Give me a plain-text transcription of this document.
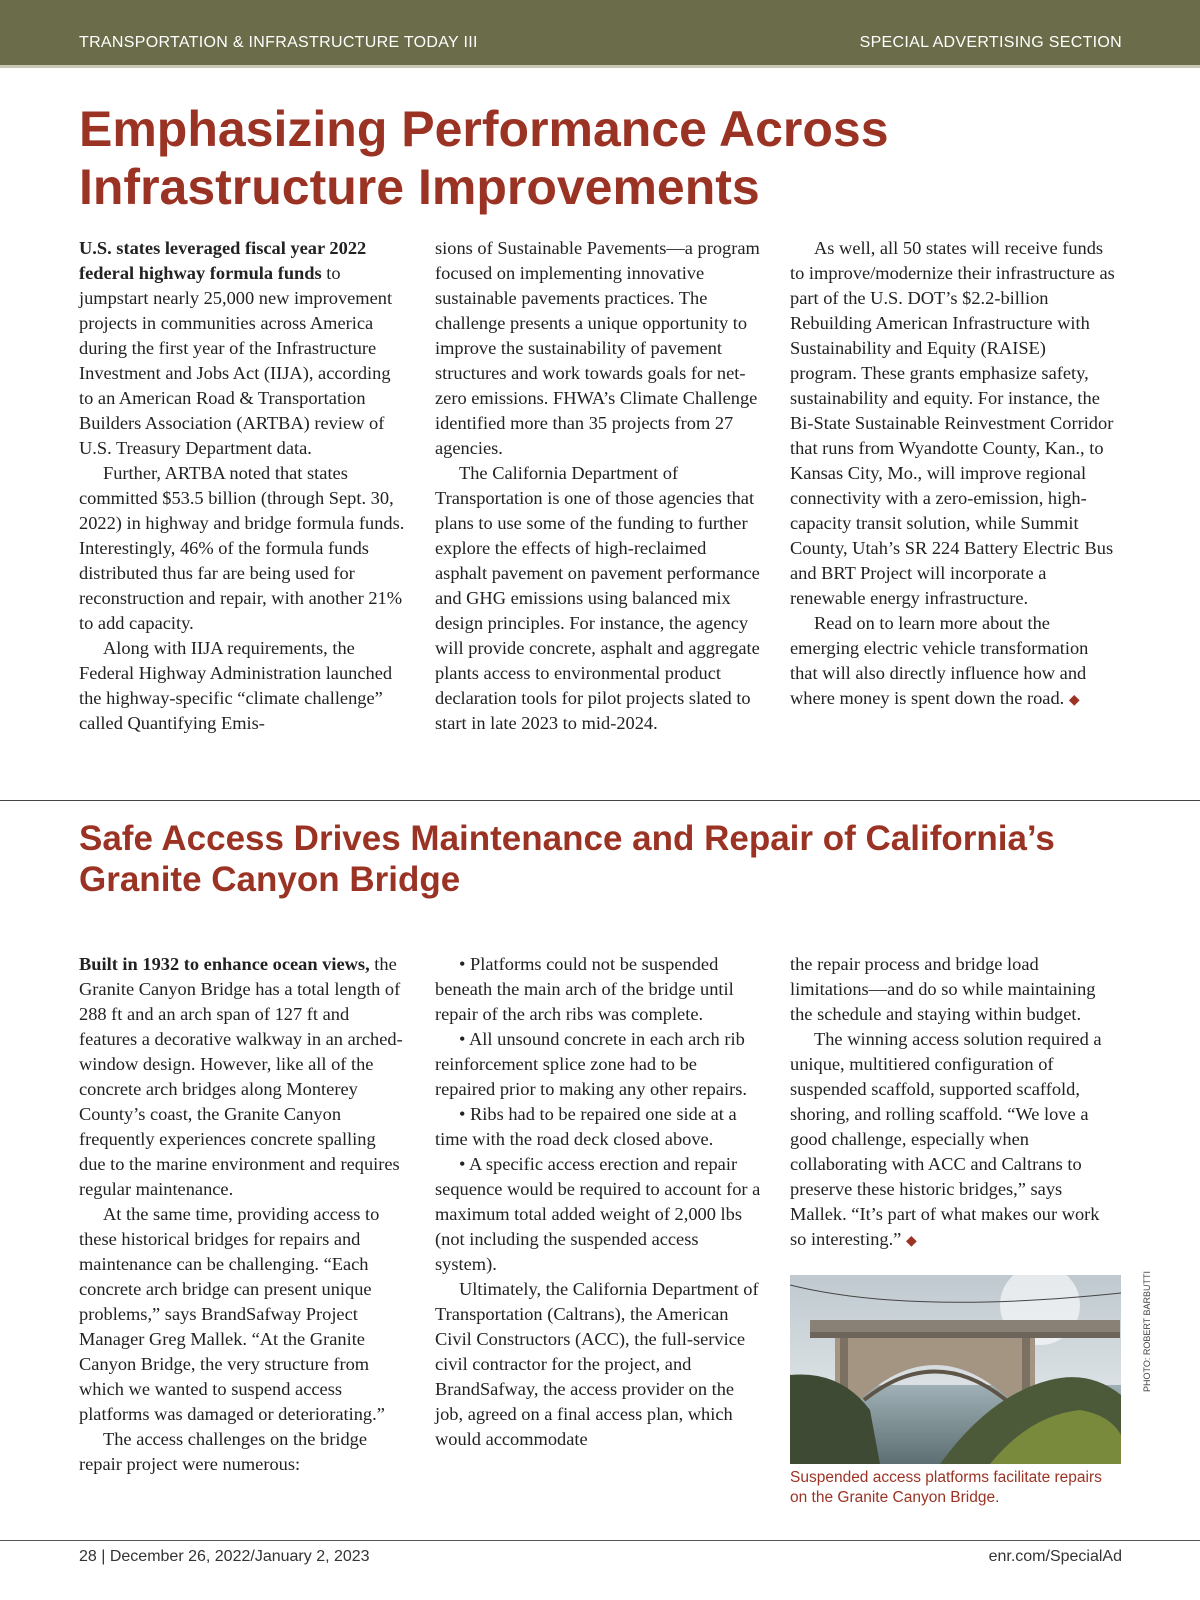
TRANSPORTATION & INFRASTRUCTURE TODAY III	SPECIAL ADVERTISING SECTION
Emphasizing Performance Across Infrastructure Improvements

U.S. states leveraged fiscal year 2022 federal highway formula funds to jumpstart nearly 25,000 new improvement projects in communities across America during the first year of the Infrastructure Investment and Jobs Act (IIJA), according to an American Road & Transportation Builders Association (ARTBA) review of U.S. Treasury Department data.

Further, ARTBA noted that states committed $53.5 billion (through Sept. 30, 2022) in highway and bridge formula funds. Interestingly, 46% of the formula funds distributed thus far are being used for reconstruction and repair, with another 21% to add capacity.

Along with IIJA requirements, the Federal Highway Administration launched the highway-specific “climate challenge” called Quantifying Emis-

sions of Sustainable Pavements—a program focused on implementing innovative sustainable pavements practices. The challenge presents a unique opportunity to improve the sustainability of pavement structures and work towards goals for net-zero emissions. FHWA’s Climate Challenge identified more than 35 projects from 27 agencies.

The California Department of Transportation is one of those agencies that plans to use some of the funding to further explore the effects of high-reclaimed asphalt pavement on pavement performance and GHG emissions using balanced mix design principles. For instance, the agency will provide concrete, asphalt and aggregate plants access to environmental product declaration tools for pilot projects slated to start in late 2023 to mid-2024.

As well, all 50 states will receive funds to improve/modernize their infrastructure as part of the U.S. DOT’s $2.2-billion Rebuilding American Infrastructure with Sustainability and Equity (RAISE) program. These grants emphasize safety, sustainability and equity. For instance, the Bi-State Sustainable Reinvestment Corridor that runs from Wyandotte County, Kan., to Kansas City, Mo., will improve regional connectivity with a zero-emission, high-capacity transit solution, while Summit County, Utah’s SR 224 Battery Electric Bus and BRT Project will incorporate a renewable energy infrastructure.

Read on to learn more about the emerging electric vehicle transformation that will also directly influence how and where money is spent down the road. ◆

Safe Access Drives Maintenance and Repair of California’s Granite Canyon Bridge

Built in 1932 to enhance ocean views, the Granite Canyon Bridge has a total length of 288 ft and an arch span of 127 ft and features a decorative walkway in an arched-window design. However, like all of the concrete arch bridges along Monterey County’s coast, the Granite Canyon frequently experiences concrete spalling due to the marine environment and requires regular maintenance.

At the same time, providing access to these historical bridges for repairs and maintenance can be challenging. “Each concrete arch bridge can present unique problems,” says BrandSafway Project Manager Greg Mallek. “At the Granite Canyon Bridge, the very structure from which we wanted to suspend access platforms was damaged or deteriorating.”

The access challenges on the bridge repair project were numerous:

• Platforms could not be suspended beneath the main arch of the bridge until repair of the arch ribs was complete.

• All unsound concrete in each arch rib reinforcement splice zone had to be repaired prior to making any other repairs.

• Ribs had to be repaired one side at a time with the road deck closed above.

• A specific access erection and repair sequence would be required to account for a maximum total added weight of 2,000 lbs (not including the suspended access system).

Ultimately, the California Department of Transportation (Caltrans), the American Civil Constructors (ACC), the full-service civil contractor for the project, and BrandSafway, the access provider on the job, agreed on a final access plan, which would accommodate

the repair process and bridge load limitations—and do so while maintaining the schedule and staying within budget.

The winning access solution required a unique, multitiered configuration of suspended scaffold, supported scaffold, shoring, and rolling scaffold. “We love a good challenge, especially when collaborating with ACC and Caltrans to preserve these historic bridges,” says Mallek. “It’s part of what makes our work so interesting.” ◆

Suspended access platforms facilitate repairs on the Granite Canyon Bridge.
PHOTO: ROBERT BARBUTTI
28 | December 26, 2022/January 2, 2023	enr.com/SpecialAd
